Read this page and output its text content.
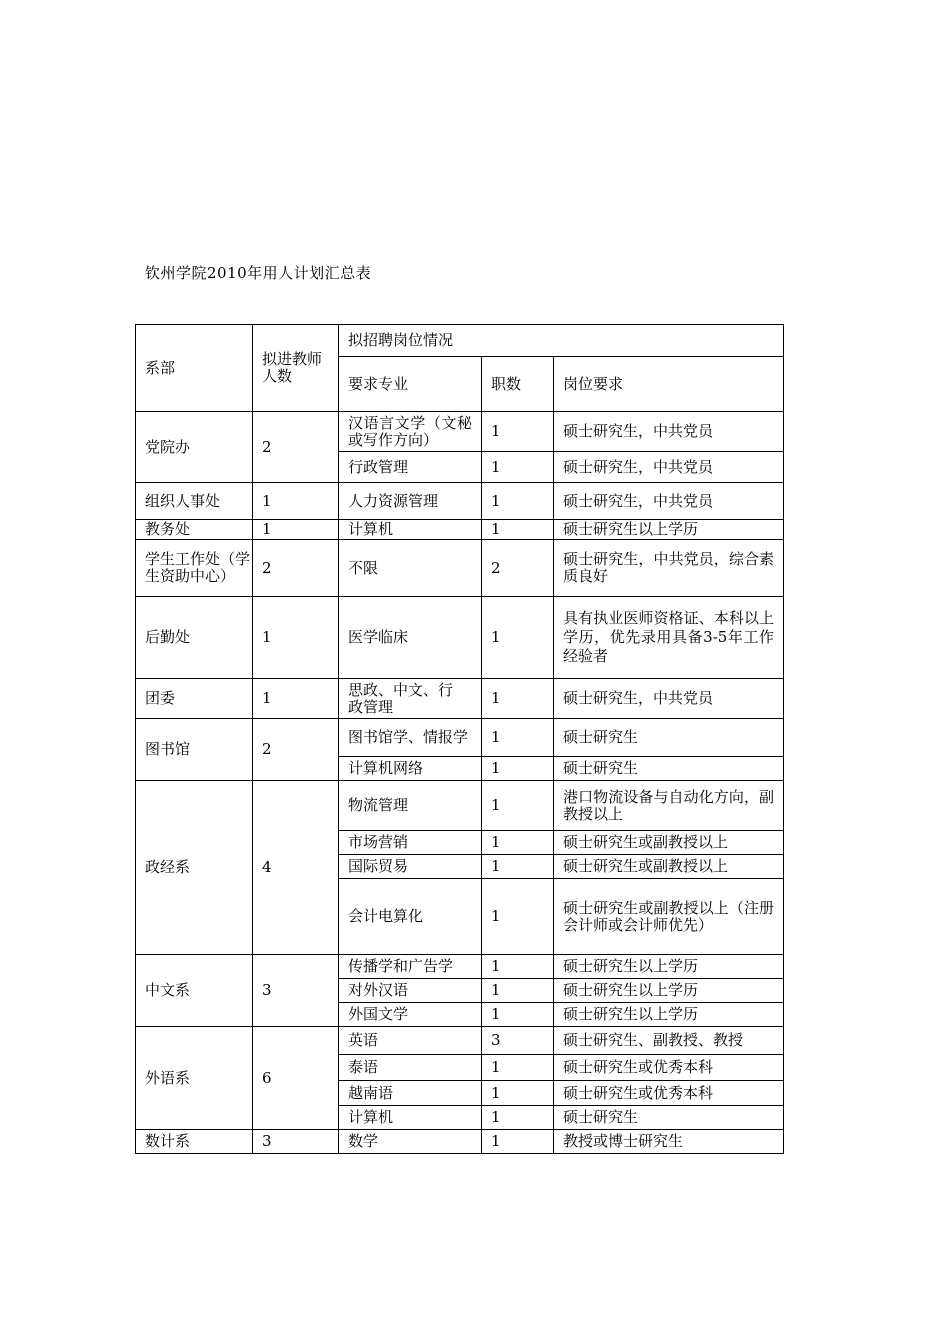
钦州学院2010年用人计划汇总表
系部	拟进教师人数	拟招聘岗位情况		
		要求专业	职数	岗位要求
党院办	2	汉语言文学（文秘或写作方向）	1	硕士研究生，中共党员
		行政管理	1	硕士研究生，中共党员
组织人事处	1	人力资源管理	1	硕士研究生，中共党员
教务处	1	计算机	1	硕士研究生以上学历
学生工作处（学生资助中心）	2	不限	2	硕士研究生，中共党员，综合素质良好
后勤处	1	医学临床	1	具有执业医师资格证、本科以上学历，优先录用具备3-5年工作经验者
团委	1	思政、中文、行政管理	1	硕士研究生，中共党员
图书馆	2	图书馆学、情报学	1	硕士研究生
		计算机网络	1	硕士研究生
政经系	4	物流管理	1	港口物流设备与自动化方向，副教授以上
		市场营销	1	硕士研究生或副教授以上
		国际贸易	1	硕士研究生或副教授以上
		会计电算化	1	硕士研究生或副教授以上（注册会计师或会计师优先）
中文系	3	传播学和广告学	1	硕士研究生以上学历
		对外汉语	1	硕士研究生以上学历
		外国文学	1	硕士研究生以上学历
外语系	6	英语	3	硕士研究生、副教授、教授
		泰语	1	硕士研究生或优秀本科
		越南语	1	硕士研究生或优秀本科
		计算机	1	硕士研究生
数计系	3	数学	1	教授或博士研究生
